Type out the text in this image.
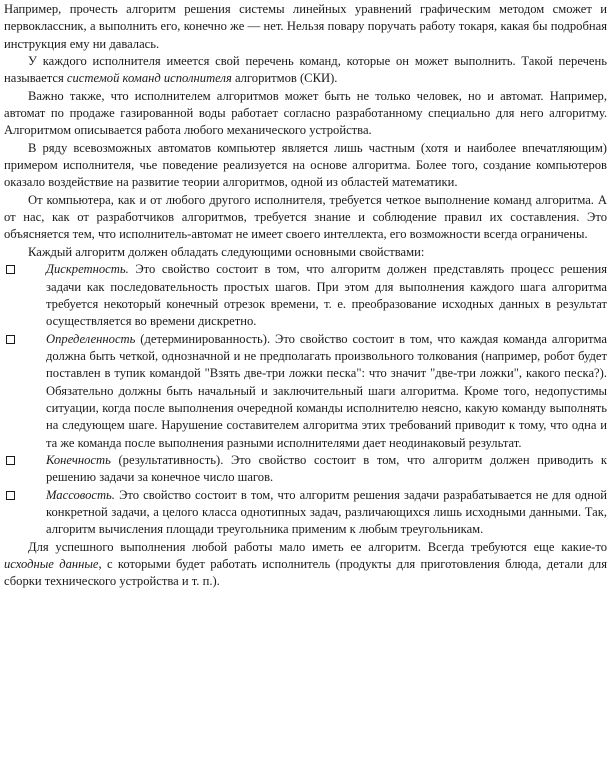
Например, прочесть алгоритм решения системы линейных уравнений графическим методом сможет и первоклассник, а выполнить его, конечно же — нет. Нельзя повару поручать работу токаря, какая бы подробная инструкция ему ни давалась.

У каждого исполнителя имеется свой перечень команд, которые он может выполнить. Такой перечень называется системой команд исполнителя алгоритмов (СКИ).

Важно также, что исполнителем алгоритмов может быть не только человек, но и автомат. Например, автомат по продаже газированной воды работает согласно разработанному специально для него алгоритму. Алгоритмом описывается работа любого механического устройства.

В ряду всевозможных автоматов компьютер является лишь частным (хотя и наиболее впечатляющим) примером исполнителя, чье поведение реализуется на основе алгоритма. Более того, создание компьютеров оказало воздействие на развитие теории алгоритмов, одной из областей математики.

От компьютера, как и от любого другого исполнителя, требуется четкое выполнение команд алгоритма. А от нас, как от разработчиков алгоритмов, требуется знание и соблюдение правил их составления. Это объясняется тем, что исполнитель-автомат не имеет своего интеллекта, его возможности всегда ограничены.

Каждый алгоритм должен обладать следующими основными свойствами:

Дискретность. Это свойство состоит в том, что алгоритм должен представлять процесс решения задачи как последовательность простых шагов. При этом для выполнения каждого шага алгоритма требуется некоторый конечный отрезок времени, т. е. преобразование исходных данных в результат осуществляется во времени дискретно.
Определенность (детерминированность). Это свойство состоит в том, что каждая команда алгоритма должна быть четкой, однозначной и не предполагать произвольного толкования (например, робот будет поставлен в тупик командой "Взять две-три ложки песка": что значит "две-три ложки", какого песка?). Обязательно должны быть начальный и заключительный шаги алгоритма. Кроме того, недопустимы ситуации, когда после выполнения очередной команды исполнителю неясно, какую команду выполнять на следующем шаге. Нарушение составителем алгоритма этих требований приводит к тому, что одна и та же команда после выполнения разными исполнителями дает неодинаковый результат.
Конечность (результативность). Это свойство состоит в том, что алгоритм должен приводить к решению задачи за конечное число шагов.
Массовость. Это свойство состоит в том, что алгоритм решения задачи разрабатывается не для одной конкретной задачи, а целого класса однотипных задач, различающихся лишь исходными данными. Так, алгоритм вычисления площади треугольника применим к любым треугольникам.

Для успешного выполнения любой работы мало иметь ее алгоритм. Всегда требуются еще какие-то исходные данные, с которыми будет работать исполнитель (продукты для приготовления блюда, детали для сборки технического устройства и т. п.).
